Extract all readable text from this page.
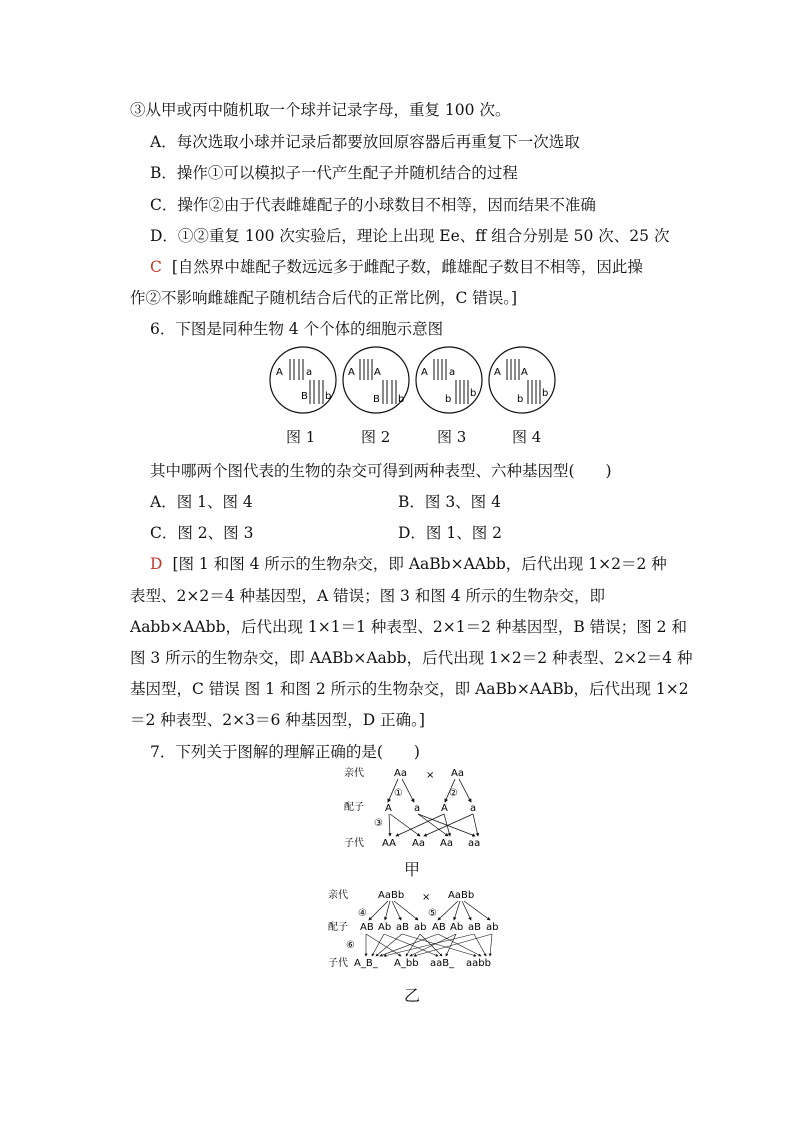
③从甲或丙中随机取一个球并记录字母，重复 100 次。
A．每次选取小球并记录后都要放回原容器后再重复下一次选取
B．操作①可以模拟子一代产生配子并随机结合的过程
C．操作②由于代表雌雄配子的小球数目不相等，因而结果不准确
D．①②重复 100 次实验后，理论上出现 Ee、ff 组合分别是 50 次、25 次
C [自然界中雄配子数远远多于雌配子数，雌雄配子数目不相等，因此操
作②不影响雌雄配子随机结合后代的正常比例，C 错误。]
6．下图是同种生物 4 个个体的细胞示意图
A a
B b
A A
B b
A a
b
b
A A
b
b
图 1	图 2	图 3	图 4
其中哪两个图代表的生物的杂交可得到两种表型、六种基因型(　　)
A．图 1、图 4	B．图 3、图 4
C．图 2、图 3	D．图 1、图 2
D [图 1 和图 4 所示的生物杂交，即 AaBb×AAbb，后代出现 1×2＝2 种
表型、2×2＝4 种基因型，A 错误；图 3 和图 4 所示的生物杂交，即
Aabb×AAbb，后代出现 1×1＝1 种表型、2×1＝2 种基因型，B 错误；图 2 和
图 3 所示的生物杂交，即 AABb×Aabb，后代出现 1×2＝2 种表型、2×2＝4 种
基因型，C 错误 图 1 和图 2 所示的生物杂交，即 AaBb×AABb，后代出现 1×2
＝2 种表型、2×3＝6 种基因型，D 正确。]
7．下列关于图解的理解正确的是(　　)
亲代	Aa × Aa
①	②
配子 A a A a
③
子代 AA Aa Aa aa
甲
亲代	AaBb × AaBb
④	⑤
配子 AB Ab aB ab AB Ab aB ab
⑥
子代 A_B_ A_bb aaB_ aabb
乙
